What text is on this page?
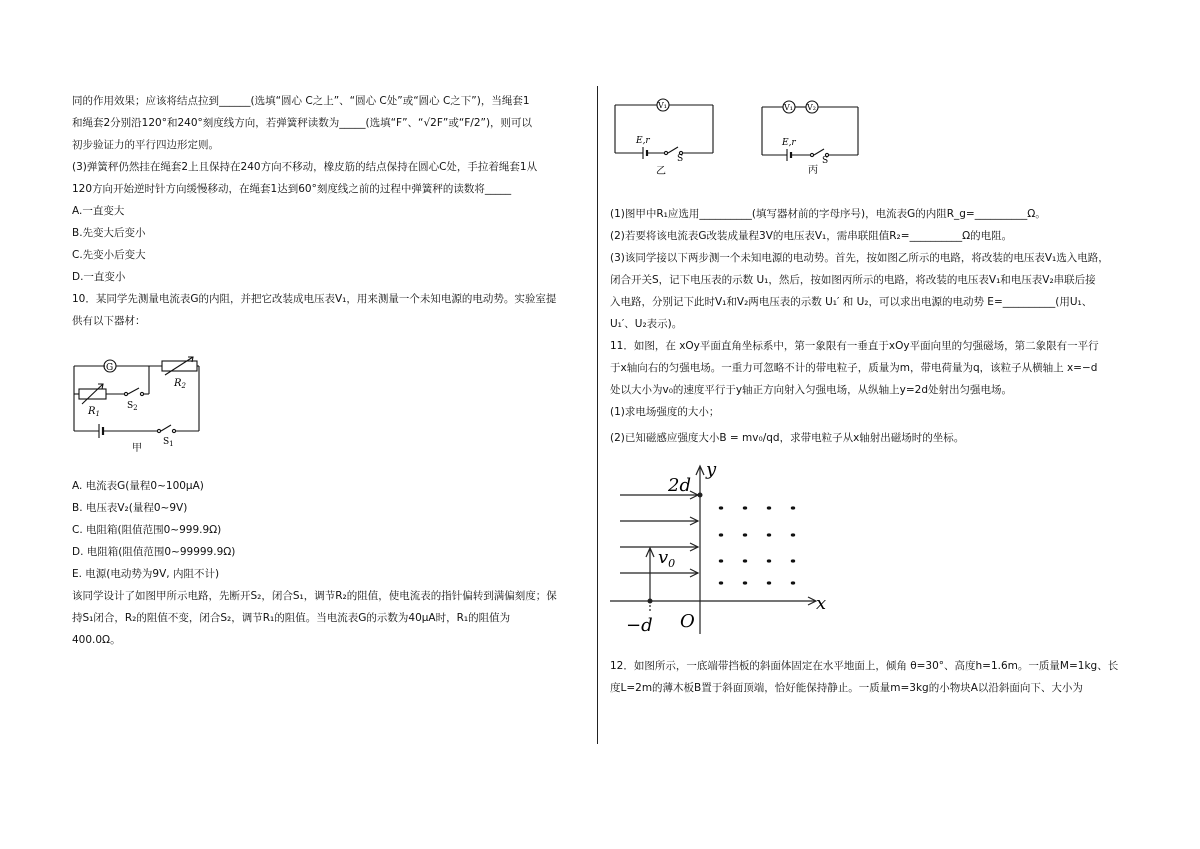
同的作用效果；应该将结点拉到______(选填“圆心 C之上”、“圆心 C处”或“圆心 C之下”)，当绳套1

和绳套2分别沿120°和240°刻度线方向，若弹簧秤读数为_____(选填“F”、“√2F”或“F/2”)，则可以

初步验证力的平行四边形定则。

(3)弹簧秤仍然挂在绳套2上且保持在240方向不移动，橡皮筋的结点保持在圆心C处，手拉着绳套1从

120方向开始逆时针方向缓慢移动，在绳套1达到60°刻度线之前的过程中弹簧秤的读数将_____

A.一直变大

B.先变大后变小

C.先变小后变大

D.一直变小

10．某同学先测量电流表G的内阻，并把它改装成电压表V₁，用来测量一个未知电源的电动势。实验室提

供有以下器材：

G
$R_2$
$R_1$
$S_2$
$S_1$
甲

A. 电流表G(量程0~100μA)

B. 电压表V₂(量程0~9V)

C. 电阻箱(阻值范围0~999.9Ω)

D. 电阻箱(阻值范围0~99999.9Ω)

E. 电源(电动势为9V, 内阻不计)

该同学设计了如图甲所示电路，先断开S₂，闭合S₁，调节R₂的阻值，使电流表的指针偏转到满偏刻度；保

持S₁闭合，R₂的阻值不变，闭合S₂，调节R₁的阻值。当电流表G的示数为40μA时，R₁的阻值为

400.0Ω。

V₁
E,r
S
乙
V₁ V₂
E,r
S
丙

(1)图甲中R₁应选用__________(填写器材前的字母序号)，电流表G的内阻R_g=__________Ω。

(2)若要将该电流表G改装成量程3V的电压表V₁，需串联阻值R₂=__________Ω的电阻。

(3)该同学接以下两步测一个未知电源的电动势。首先，按如图乙所示的电路，将改装的电压表V₁选入电路，

闭合开关S，记下电压表的示数 U₁，然后，按如图丙所示的电路，将改装的电压表V₁和电压表V₂串联后接

入电路，分别记下此时V₁和V₂两电压表的示数 U₁′ 和 U₂，可以求出电源的电动势 E=__________(用U₁、

U₁′、U₂表示)。

11．如图，在 xOy平面直角坐标系中，第一象限有一垂直于xOy平面向里的匀强磁场，第二象限有一平行

于x轴向右的匀强电场。一重力可忽略不计的带电粒子，质量为m，带电荷量为q，该粒子从横轴上 x=−d

处以大小为v₀的速度平行于y轴正方向射入匀强电场，从纵轴上y=2d处射出匀强电场。

(1)求电场强度的大小；

(2)已知磁感应强度大小B = mv₀/qd，求带电粒子从x轴射出磁场时的坐标。

y
x
2d
−d O
$v_0$

12．如图所示，一底端带挡板的斜面体固定在水平地面上，倾角 θ=30°、高度h=1.6m。一质量M=1kg、长

度L=2m的薄木板B置于斜面顶端，恰好能保持静止。一质量m=3kg的小物块A以沿斜面向下、大小为
